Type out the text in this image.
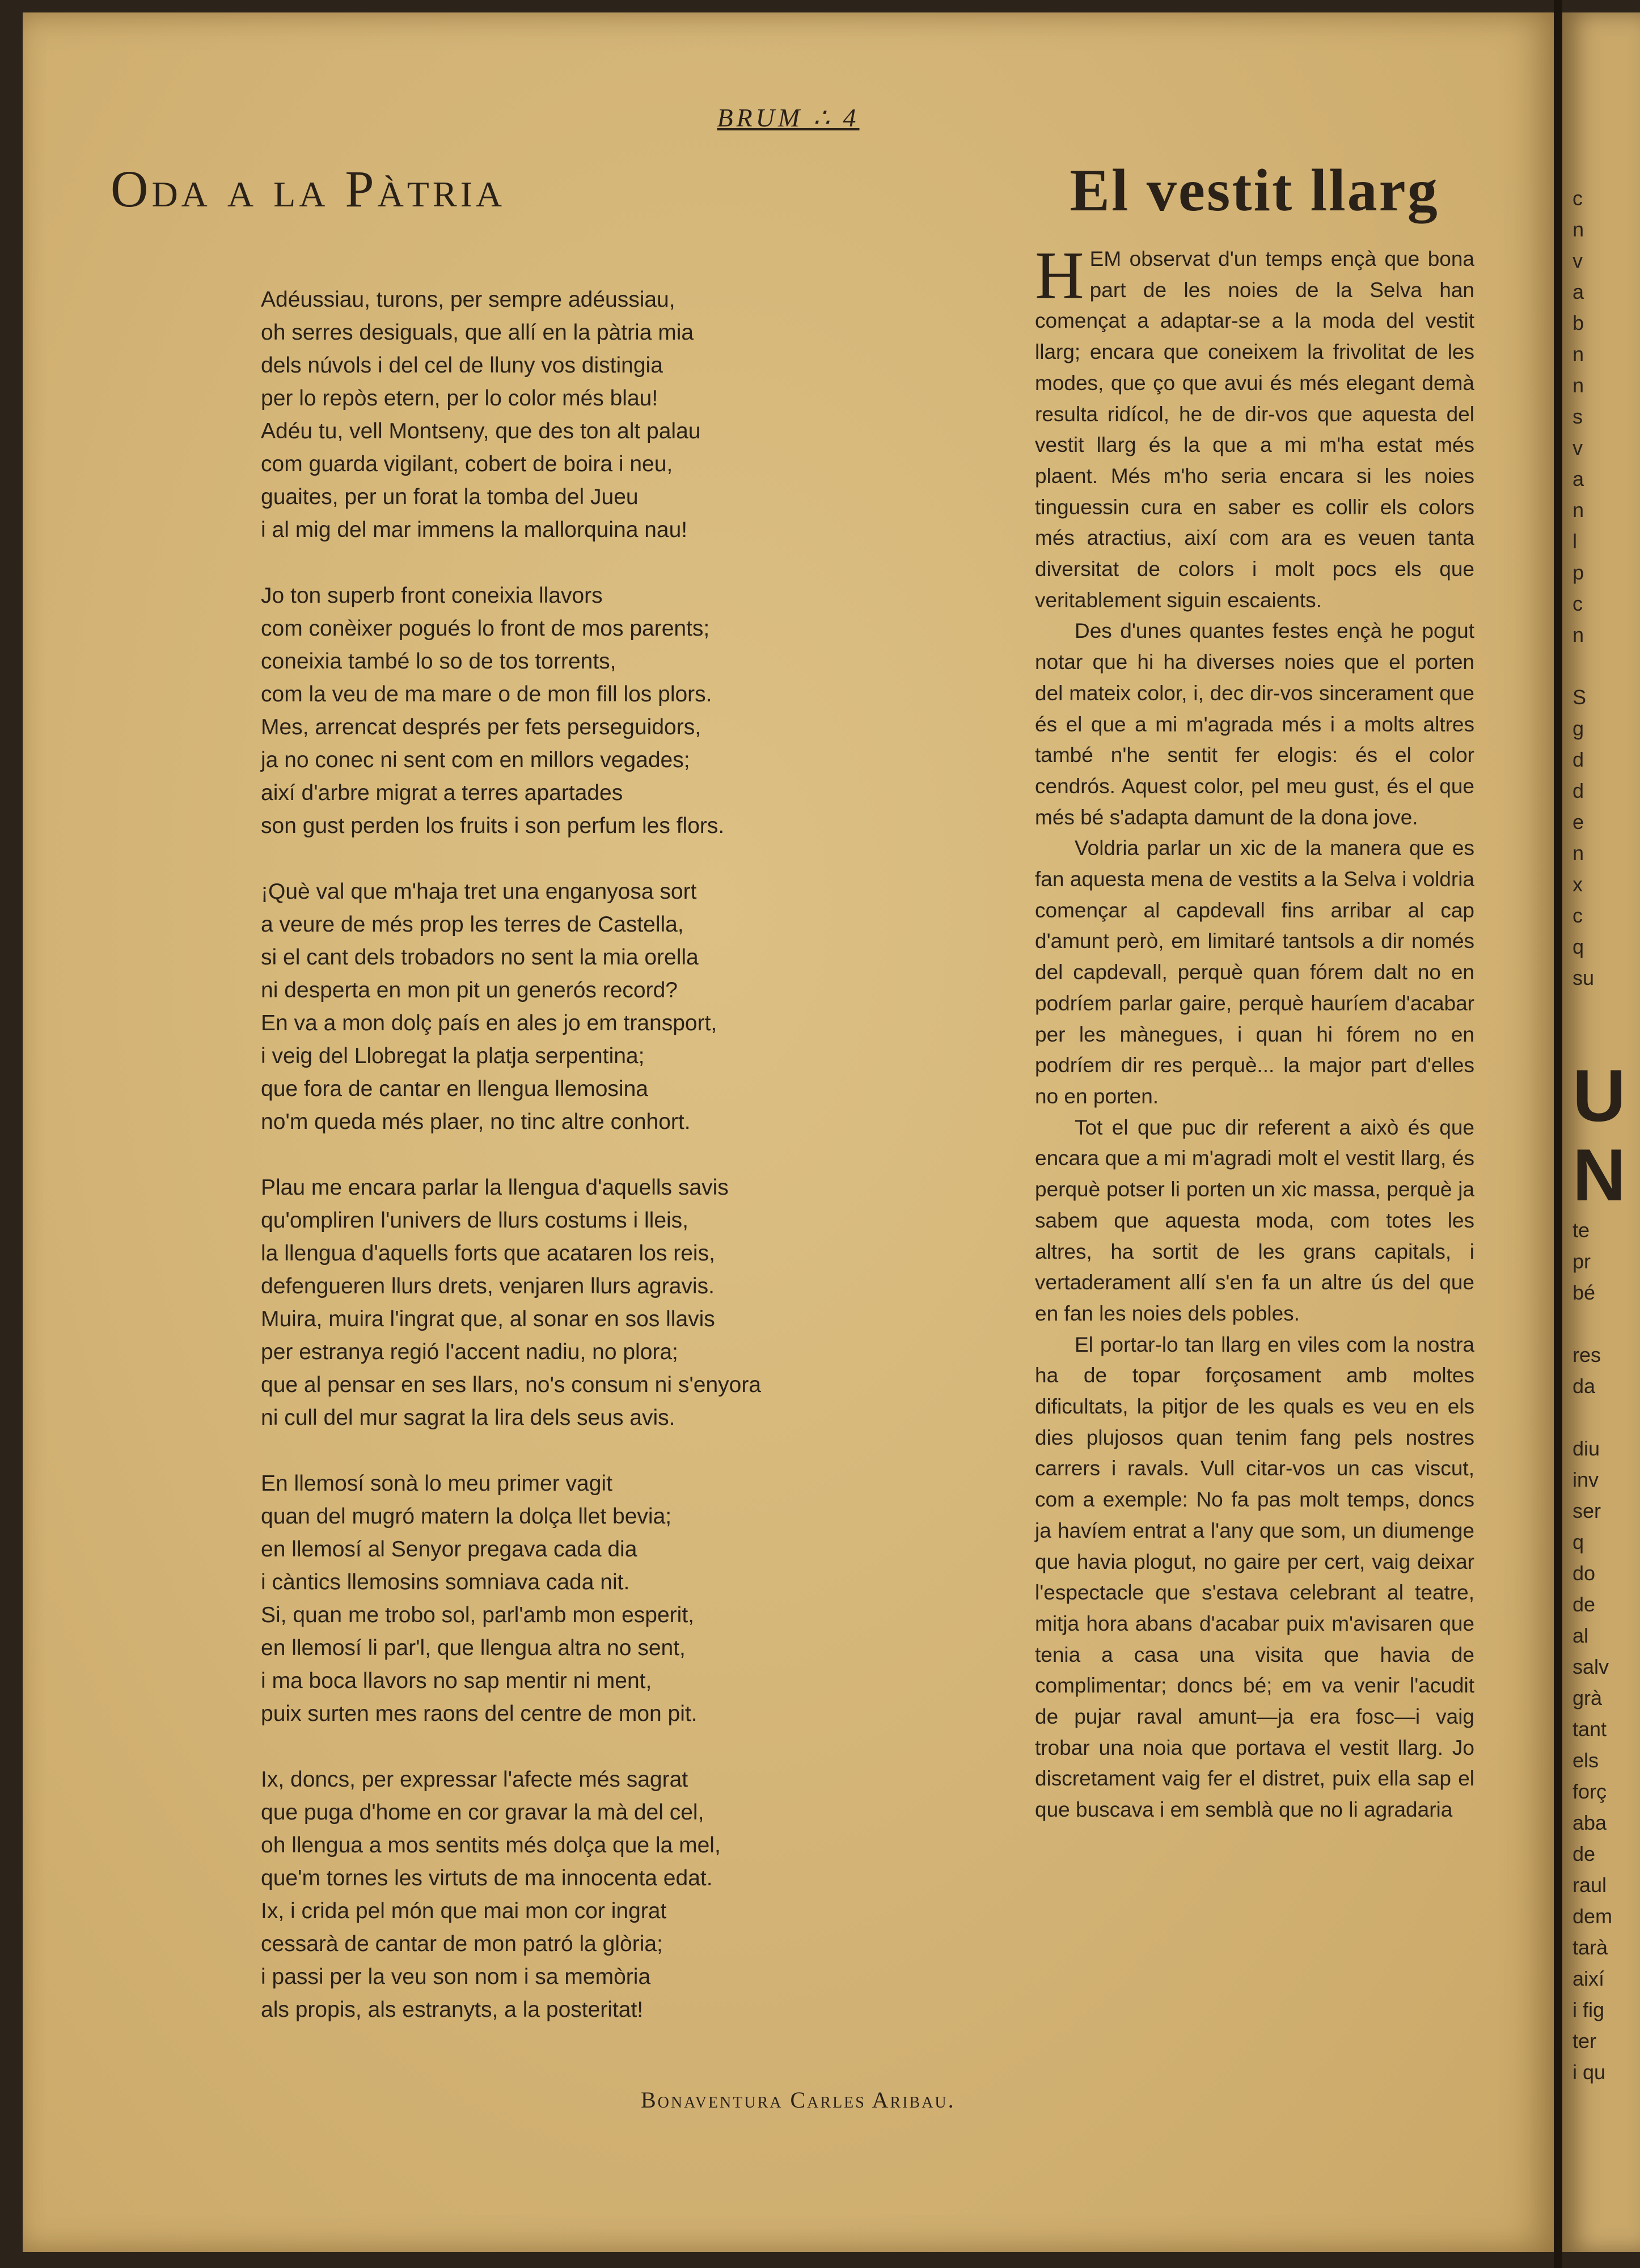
c
n
v
a
b
n
n
s
v
a
n
l
p
c
n

S
g
d
d
e
n
x
c
q
su

U
N
te
pr
bé

res
da

diu
inv
ser
q
do
de
al
salv
grà
tant
els
forç
aba
de
raul
dem
tarà
així
i fig
ter
i qu
BRUM ∴ 4
Oda a la Pàtria
Adéussiau, turons, per sempre adéussiau,
oh serres desiguals, que allí en la pàtria mia
dels núvols i del cel de lluny vos distingia
per lo repòs etern, per lo color més blau!
Adéu tu, vell Montseny, que des ton alt palau
com guarda vigilant, cobert de boira i neu,
guaites, per un forat la tomba del Jueu
i al mig del mar immens la mallorquina nau!
Jo ton superb front coneixia llavors
com conèixer pogués lo front de mos parents;
coneixia també lo so de tos torrents,
com la veu de ma mare o de mon fill los plors.
Mes, arrencat després per fets perseguidors,
ja no conec ni sent com en millors vegades;
així d'arbre migrat a terres apartades
son gust perden los fruits i son perfum les flors.
¡Què val que m'haja tret una enganyosa sort
a veure de més prop les terres de Castella,
si el cant dels trobadors no sent la mia orella
ni desperta en mon pit un generós record?
En va a mon dolç país en ales jo em transport,
i veig del Llobregat la platja serpentina;
que fora de cantar en llengua llemosina
no'm queda més plaer, no tinc altre conhort.
Plau me encara parlar la llengua d'aquells savis
qu'ompliren l'univers de llurs costums i lleis,
la llengua d'aquells forts que acataren los reis,
defengueren llurs drets, venjaren llurs agravis.
Muira, muira l'ingrat que, al sonar en sos llavis
per estranya regió l'accent nadiu, no plora;
que al pensar en ses llars, no's consum ni s'enyora
ni cull del mur sagrat la lira dels seus avis.
En llemosí sonà lo meu primer vagit
quan del mugró matern la dolça llet bevia;
en llemosí al Senyor pregava cada dia
i càntics llemosins somniava cada nit.
Si, quan me trobo sol, parl'amb mon esperit,
en llemosí li par'l, que llengua altra no sent,
i ma boca llavors no sap mentir ni ment,
puix surten mes raons del centre de mon pit.
Ix, doncs, per expressar l'afecte més sagrat
que puga d'home en cor gravar la mà del cel,
oh llengua a mos sentits més dolça que la mel,
que'm tornes les virtuts de ma innocenta edat.
Ix, i crida pel món que mai mon cor ingrat
cessarà de cantar de mon patró la glòria;
i passi per la veu son nom i sa memòria
als propis, als estranyts, a la posteritat!
Bonaventura Carles Aribau.
El vestit llarg

HEM observat d'un temps ençà que bona part de les noies de la Selva han començat a adaptar-se a la moda del vestit llarg; encara que coneixem la frivolitat de les modes, que ço que avui és més elegant demà resulta ridícol, he de dir-vos que aquesta del vestit llarg és la que a mi m'ha estat més plaent. Més m'ho seria encara si les noies tinguessin cura en saber es collir els colors més atractius, així com ara es veuen tanta diversitat de colors i molt pocs els que veritablement siguin escaients.

Des d'unes quantes festes ençà he pogut notar que hi ha diverses noies que el porten del mateix color, i, dec dir-vos sincerament que és el que a mi m'agrada més i a molts altres també n'he sentit fer elogis: és el color cendrós. Aquest color, pel meu gust, és el que més bé s'adapta damunt de la dona jove.

Voldria parlar un xic de la manera que es fan aquesta mena de vestits a la Selva i voldria començar al capdevall fins arribar al cap d'amunt però, em limitaré tantsols a dir només del capdevall, perquè quan fórem dalt no en podríem parlar gaire, perquè hauríem d'acabar per les mànegues, i quan hi fórem no en podríem dir res perquè... la major part d'elles no en porten.

Tot el que puc dir referent a això és que encara que a mi m'agradi molt el vestit llarg, és perquè potser li porten un xic massa, perquè ja sabem que aquesta moda, com totes les altres, ha sortit de les grans capitals, i vertaderament allí s'en fa un altre ús del que en fan les noies dels pobles.

El portar-lo tan llarg en viles com la nostra ha de topar forçosament amb moltes dificultats, la pitjor de les quals es veu en els dies plujosos quan tenim fang pels nostres carrers i ravals. Vull citar-vos un cas viscut, com a exemple: No fa pas molt temps, doncs ja havíem entrat a l'any que som, un diumenge que havia plogut, no gaire per cert, vaig deixar l'espectacle que s'estava celebrant al teatre, mitja hora abans d'acabar puix m'avisaren que tenia a casa una visita que havia de complimentar; doncs bé; em va venir l'acudit de pujar raval amunt—ja era fosc—i vaig trobar una noia que portava el vestit llarg. Jo discretament vaig fer el distret, puix ella sap el que buscava i em semblà que no li agradaria
